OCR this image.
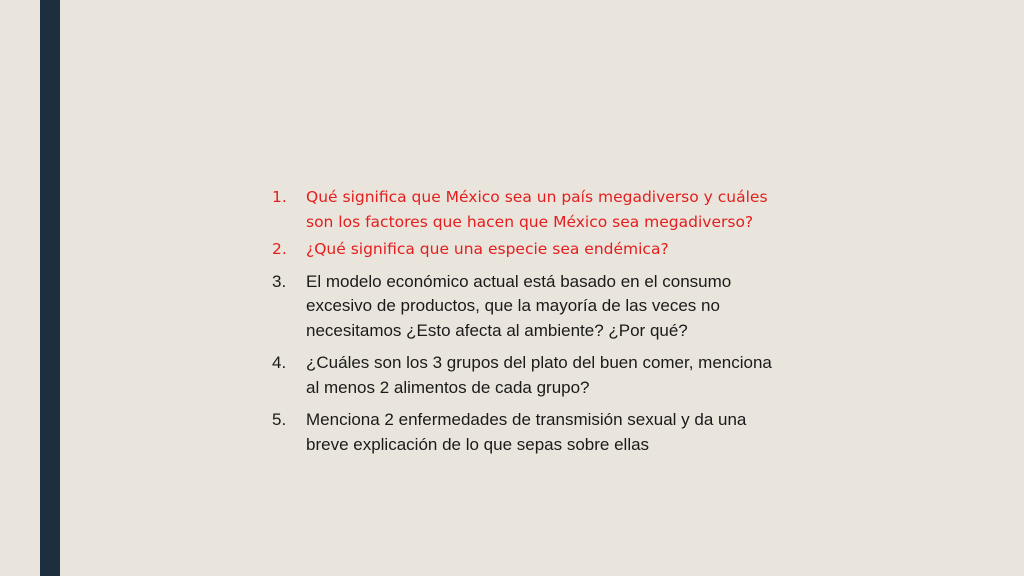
1.	Qué significa que México sea un país megadiverso y cuáles son los factores que hacen que México sea megadiverso?
2.	¿Qué significa que una especie sea endémica?
3.	El modelo económico actual está basado en el consumo excesivo de productos, que la mayoría de las veces no necesitamos ¿Esto afecta al ambiente? ¿Por qué?
4.	¿Cuáles son los 3 grupos del plato del buen comer, menciona al menos 2 alimentos de cada grupo?
5.	Menciona 2 enfermedades de transmisión sexual y da una breve explicación de lo que sepas sobre ellas
